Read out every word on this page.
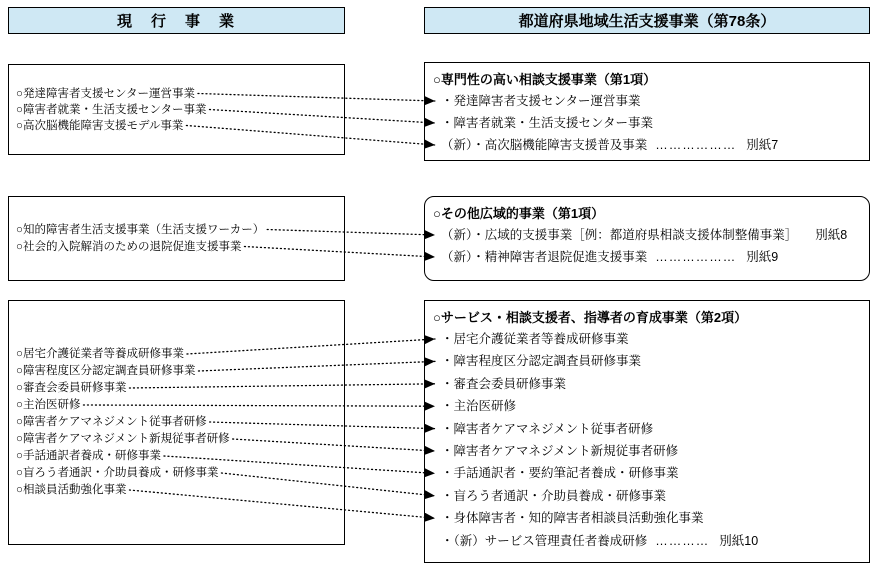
現　行　事　業	都道府県地域生活支援事業（第78条）
○発達障害者支援センター運営事業
○障害者就業・生活支援センター事業
○高次脳機能障害支援モデル事業
○知的障害者生活支援事業（生活支援ワーカー）
○社会的入院解消のための退院促進支援事業
○居宅介護従業者等養成研修事業
○障害程度区分認定調査員研修事業
○審査会委員研修事業
○主治医研修
○障害者ケアマネジメント従事者研修
○障害者ケアマネジメント新規従事者研修
○手話通訳者養成・研修事業
○盲ろう者通訳・介助員養成・研修事業
○相談員活動強化事業
○専門性の高い相談支援事業（第1項）
・発達障害者支援センター運営事業
・障害者就業・生活支援センター事業
（新）・高次脳機能障害支援普及事業 ……………… 別紙7
○その他広域的事業（第1項）
（新）・広域的支援事業［例：都道府県相談支援体制整備事業］ 別紙8
（新）・精神障害者退院促進支援事業 ……………… 別紙9
○サービス・相談支援者、指導者の育成事業（第2項）
・居宅介護従業者等養成研修事業
・障害程度区分認定調査員研修事業
・審査会委員研修事業
・主治医研修
・障害者ケアマネジメント従事者研修
・障害者ケアマネジメント新規従事者研修
・手話通訳者・要約筆記者養成・研修事業
・盲ろう者通訳・介助員養成・研修事業
・身体障害者・知的障害者相談員活動強化事業
・（新）サービス管理責任者養成研修 ………… 別紙10
